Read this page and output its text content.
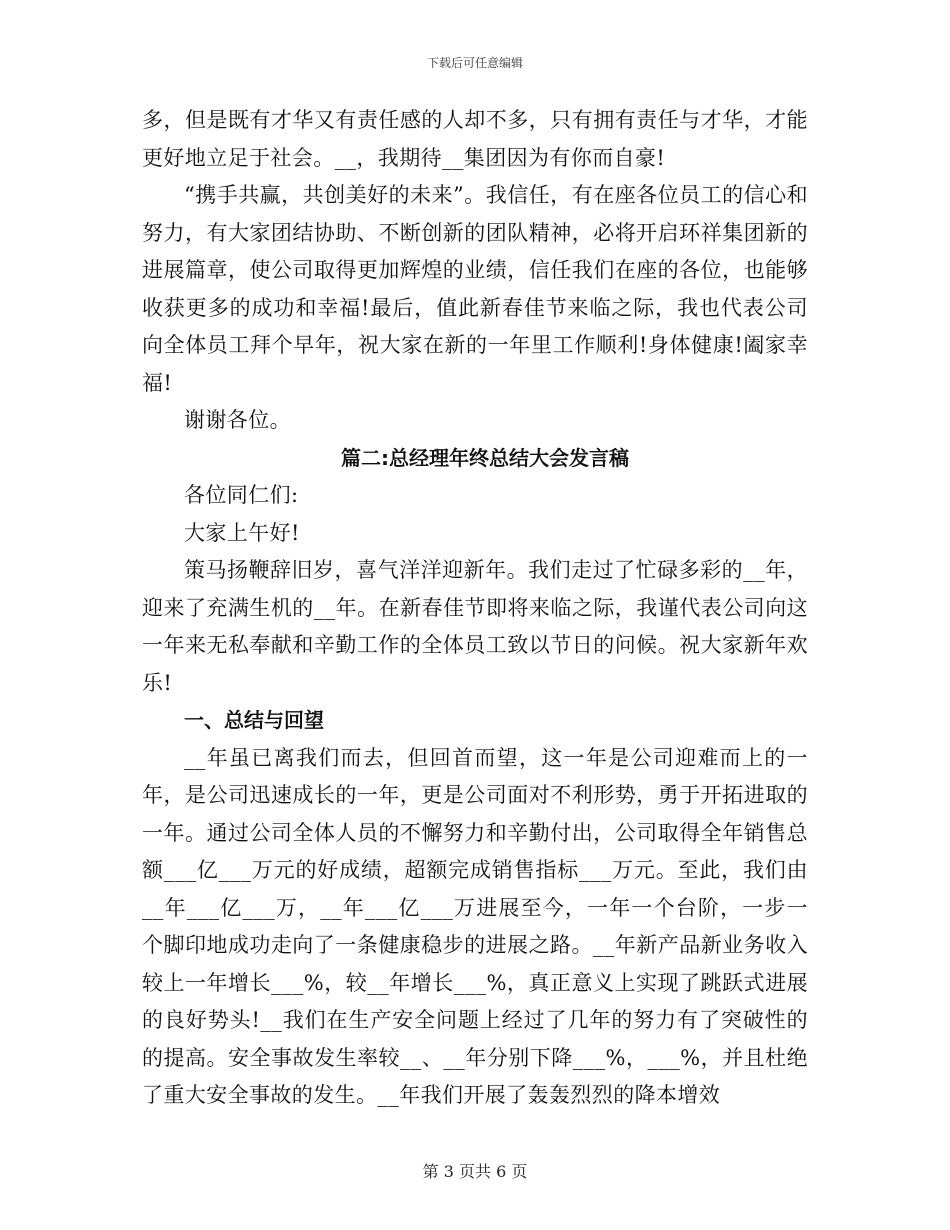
下载后可任意编辑

多，但是既有才华又有责任感的人却不多，只有拥有责任与才华，才能更好地立足于社会。__，我期待__集团因为有你而自豪!

“携手共赢，共创美好的未来”。我信任，有在座各位员工的信心和努力，有大家团结协助、不断创新的团队精神，必将开启环祥集团新的进展篇章，使公司取得更加辉煌的业绩，信任我们在座的各位，也能够收获更多的成功和幸福!最后，值此新春佳节来临之际，我也代表公司向全体员工拜个早年，祝大家在新的一年里工作顺利!身体健康!阖家幸福!

谢谢各位。

篇二:总经理年终总结大会发言稿

各位同仁们:

大家上午好!

策马扬鞭辞旧岁，喜气洋洋迎新年。我们走过了忙碌多彩的__年，迎来了充满生机的__年。在新春佳节即将来临之际，我谨代表公司向这一年来无私奉献和辛勤工作的全体员工致以节日的问候。祝大家新年欢乐!

一、总结与回望

__年虽已离我们而去，但回首而望，这一年是公司迎难而上的一年，是公司迅速成长的一年，更是公司面对不利形势，勇于开拓进取的一年。通过公司全体人员的不懈努力和辛勤付出，公司取得全年销售总额___亿___万元的好成绩，超额完成销售指标___万元。至此，我们由__年___亿___万，__年___亿___万进展至今，一年一个台阶，一步一个脚印地成功走向了一条健康稳步的进展之路。__年新产品新业务收入较上一年增长___%，较__年增长___%，真正意义上实现了跳跃式进展的良好势头!__我们在生产安全问题上经过了几年的努力有了突破性的的提高。安全事故发生率较__、__年分别下降___%，___%，并且杜绝了重大安全事故的发生。__年我们开展了轰轰烈烈的降本增效

第 3 页共 6 页
